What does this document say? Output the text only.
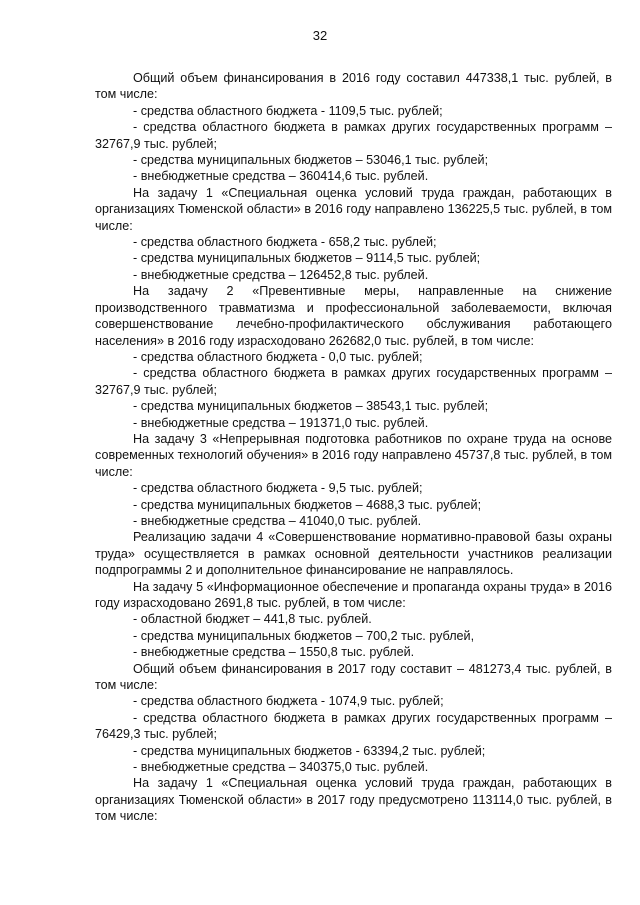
32

Общий объем финансирования в 2016 году составил 447338,1 тыс. рублей, в том числе:

- средства областного бюджета - 1109,5 тыс. рублей;

- средства областного бюджета в рамках других государственных программ – 32767,9 тыс. рублей;

- средства муниципальных бюджетов – 53046,1 тыс. рублей;

- внебюджетные средства – 360414,6 тыс. рублей.

На задачу 1 «Специальная оценка условий труда граждан, работающих в организациях Тюменской области» в 2016 году направлено 136225,5 тыс. рублей, в том числе:

- средства областного бюджета - 658,2 тыс. рублей;

- средства муниципальных бюджетов – 9114,5 тыс. рублей;

- внебюджетные средства – 126452,8 тыс. рублей.

На задачу 2 «Превентивные меры, направленные на снижение производственного травматизма и профессиональной заболеваемости, включая совершенствование лечебно-профилактического обслуживания работающего населения» в 2016 году израсходовано 262682,0 тыс. рублей, в том числе:

- средства областного бюджета - 0,0 тыс. рублей;

- средства областного бюджета в рамках других государственных программ – 32767,9 тыс. рублей;

- средства муниципальных бюджетов – 38543,1 тыс. рублей;

- внебюджетные средства – 191371,0 тыс. рублей.

На задачу 3 «Непрерывная подготовка работников по охране труда на основе современных технологий обучения» в 2016 году направлено 45737,8 тыс. рублей, в том числе:

- средства областного бюджета - 9,5 тыс. рублей;

- средства муниципальных бюджетов – 4688,3 тыс. рублей;

- внебюджетные средства – 41040,0 тыс. рублей.

Реализацию задачи 4 «Совершенствование нормативно-правовой базы охраны труда» осуществляется в рамках основной деятельности участников реализации подпрограммы 2 и дополнительное финансирование не направлялось.

На задачу 5 «Информационное обеспечение и пропаганда охраны труда» в 2016 году израсходовано 2691,8 тыс. рублей, в том числе:

- областной бюджет – 441,8 тыс. рублей.

- средства муниципальных бюджетов – 700,2 тыс. рублей,

- внебюджетные средства – 1550,8 тыс. рублей.

Общий объем финансирования в 2017 году составит – 481273,4 тыс. рублей, в том числе:

- средства областного бюджета - 1074,9 тыс. рублей;

- средства областного бюджета в рамках других государственных программ – 76429,3 тыс. рублей;

- средства муниципальных бюджетов - 63394,2 тыс. рублей;

- внебюджетные средства – 340375,0 тыс. рублей.

На задачу 1 «Специальная оценка условий труда граждан, работающих в организациях Тюменской области» в 2017 году предусмотрено 113114,0 тыс. рублей, в том числе:
